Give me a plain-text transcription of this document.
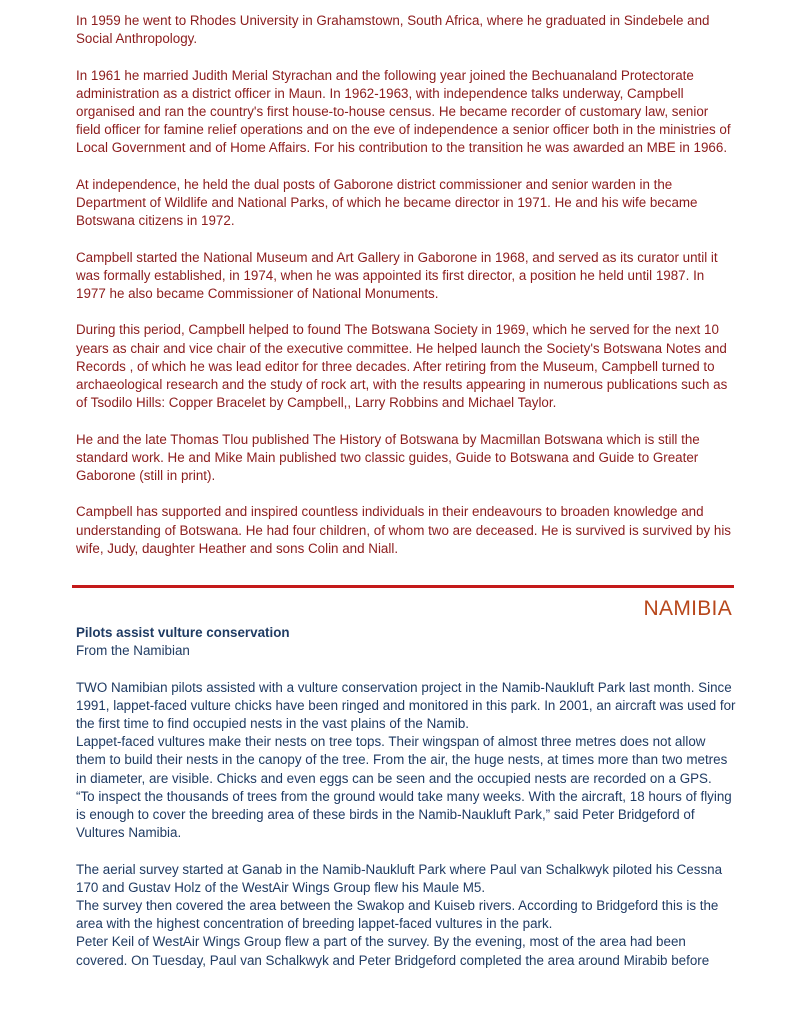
In 1959 he went to Rhodes University in Grahamstown, South Africa, where he graduated in Sindebele and Social Anthropology.

In 1961 he married Judith Merial Styrachan and the following year joined the Bechuanaland Protectorate administration as a district officer in Maun. In 1962-1963, with independence talks underway, Campbell organised and ran the country's first house-to-house census. He became recorder of customary law, senior field officer for famine relief operations and on the eve of independence a senior officer both in the ministries of Local Government and of Home Affairs. For his contribution to the transition he was awarded an MBE in 1966.

At independence, he held the dual posts of Gaborone district commissioner and senior warden in the Department of Wildlife and National Parks, of which he became director in 1971. He and his wife became Botswana citizens in 1972.

Campbell started the National Museum and Art Gallery in Gaborone in 1968, and served as its curator until it was formally established, in 1974, when he was appointed its first director, a position he held until 1987. In 1977 he also became Commissioner of National Monuments.

During this period, Campbell helped to found The Botswana Society in 1969, which he served for the next 10 years as chair and vice chair of the executive committee. He helped launch the Society's Botswana Notes and Records , of which he was lead editor for three decades. After retiring from the Museum, Campbell turned to archaeological research and the study of rock art, with the results appearing in numerous publications such as of Tsodilo Hills: Copper Bracelet by Campbell,, Larry Robbins and Michael Taylor.

He and the late Thomas Tlou published The History of Botswana by Macmillan Botswana which is still the standard work. He and Mike Main published two classic guides, Guide to Botswana and Guide to Greater Gaborone (still in print).

Campbell has supported and inspired countless individuals in their endeavours to broaden knowledge and understanding of Botswana. He had four children, of whom two are deceased. He is survived is survived by his wife, Judy, daughter Heather and sons Colin and Niall.

NAMIBIA

Pilots assist vulture conservation

From the Namibian

TWO Namibian pilots assisted with a vulture conservation project in the Namib-Naukluft Park last month. Since 1991, lappet-faced vulture chicks have been ringed and monitored in this park. In 2001, an aircraft was used for the first time to find occupied nests in the vast plains of the Namib.

Lappet-faced vultures make their nests on tree tops. Their wingspan of almost three metres does not allow them to build their nests in the canopy of the tree. From the air, the huge nests, at times more than two metres in diameter, are visible. Chicks and even eggs can be seen and the occupied nests are recorded on a GPS.

“To inspect the thousands of trees from the ground would take many weeks. With the aircraft, 18 hours of flying is enough to cover the breeding area of these birds in the Namib-Naukluft Park,” said Peter Bridgeford of Vultures Namibia.

The aerial survey started at Ganab in the Namib-Naukluft Park where Paul van Schalkwyk piloted his Cessna 170 and Gustav Holz of the WestAir Wings Group flew his Maule M5.

The survey then covered the area between the Swakop and Kuiseb rivers. According to Bridgeford this is the area with the highest concentration of breeding lappet-faced vultures in the park.

Peter Keil of WestAir Wings Group flew a part of the survey. By the evening, most of the area had been covered. On Tuesday, Paul van Schalkwyk and Peter Bridgeford completed the area around Mirabib before
